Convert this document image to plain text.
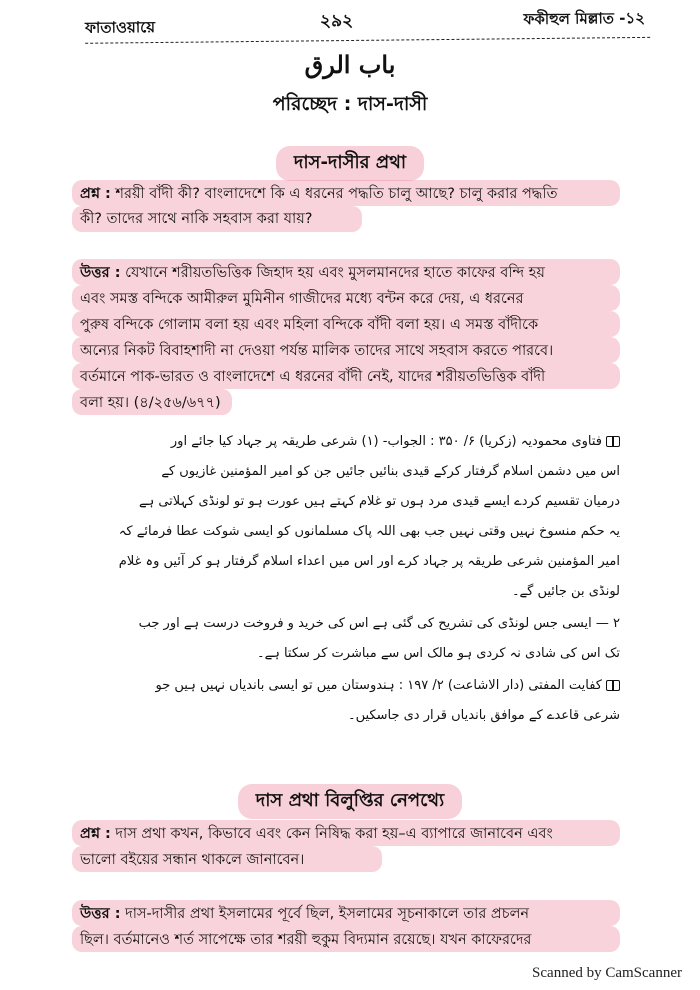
ফাতাওয়ায়ে	২৯২	ফকীহুল মিল্লাত -১২
باب الرق
পরিচ্ছেদ : দাস-দাসী
দাস-দাসীর প্রথা
প্রশ্ন : শরয়ী বাঁদী কী? বাংলাদেশে কি এ ধরনের পদ্ধতি চালু আছে? চালু করার পদ্ধতি
কী? তাদের সাথে নাকি সহবাস করা যায়?
উত্তর : যেখানে শরীয়তভিত্তিক জিহাদ হয় এবং মুসলমানদের হাতে কাফের বন্দি হয়
এবং সমস্ত বন্দিকে আমীরুল মুমিনীন গাজীদের মধ্যে বন্টন করে দেয়, এ ধরনের
পুরুষ বন্দিকে গোলাম বলা হয় এবং মহিলা বন্দিকে বাঁদী বলা হয়। এ সমস্ত বাঁদীকে
অন্যের নিকট বিবাহশাদী না দেওয়া পর্যন্ত মালিক তাদের সাথে সহবাস করতে পারবে।
বর্তমানে পাক-ভারত ও বাংলাদেশে এ ধরনের বাঁদী নেই, যাদের শরীয়তভিত্তিক বাঁদী
বলা হয়। (৪/২৫৬/৬৭৭)
فتاوی محمودیہ (زکریا) ۶/ ۳۵۰ : الجواب- (۱) شرعی طریقہ پر جہاد کیا جائے اور
اس میں دشمن اسلام گرفتار کرکے قیدی بنائیں جائیں جن کو امیر المؤمنین غازیوں کے
درمیان تقسیم کردے ایسے قیدی مرد ہوں تو غلام کہتے ہیں عورت ہو تو لونڈی کہلاتی ہے
یہ حکم منسوخ نہیں وقتی نہیں جب بھی اللہ پاک مسلمانوں کو ایسی شوکت عطا فرمائے کہ
امیر المؤمنین شرعی طریقہ پر جہاد کرے اور اس میں اعداء اسلام گرفتار ہو کر آئیں وہ غلام
لونڈی بن جائیں گے۔
۲ — ایسی جس لونڈی کی تشریح کی گئی ہے اس کی خرید و فروخت درست ہے اور جب
تک اس کی شادی نہ کردی ہو مالک اس سے مباشرت کر سکتا ہے۔
کفایت المفتی (دار الاشاعت) ۲/ ۱۹۷ : ہندوستان میں تو ایسی باندیاں نہیں ہیں جو
شرعی قاعدے کے موافق باندیاں قرار دی جاسکیں۔
দাস প্রথা বিলুপ্তির নেপথ্যে
প্রশ্ন : দাস প্রথা কখন, কিভাবে এবং কেন নিষিদ্ধ করা হয়–এ ব্যাপারে জানাবেন এবং
ভালো বইয়ের সন্ধান থাকলে জানাবেন।
উত্তর : দাস-দাসীর প্রথা ইসলামের পূর্বে ছিল, ইসলামের সূচনাকালে তার প্রচলন
ছিল। বর্তমানেও শর্ত সাপেক্ষে তার শরয়ী হুকুম বিদ্যমান রয়েছে। যখন কাফেরদের
Scanned by CamScanner
